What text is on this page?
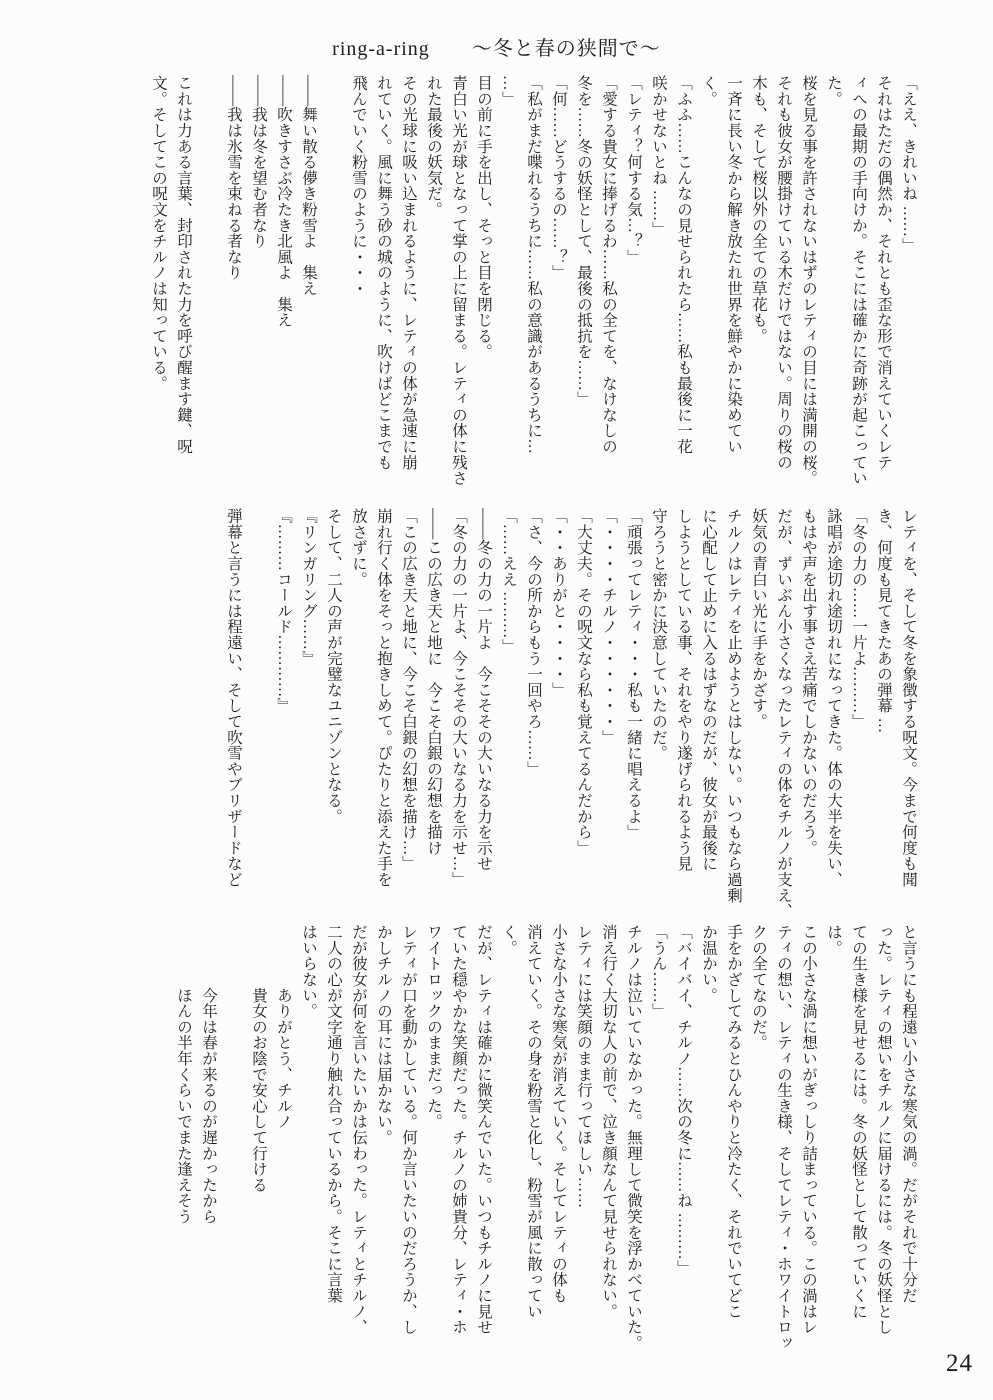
ring-a-ring　　～冬と春の狭間で～
「ええ、きれいね ……」
それはただの偶然か、それとも歪な形で消えていくレテ
ィへの最期の手向けか。そこには確かに奇跡が起こってい
た。
桜を見る事を許されないはずのレティの目には満開の桜。
それも彼女が腰掛けている木だけではない。周りの桜の
木も、そして桜以外の全ての草花も。
一斉に長い冬から解き放たれ世界を鮮やかに染めてい
く。
「ふふ……こんなの見せられたら……私も最後に一花
咲かせないとね ……」
「レティ？何する気…？」
「愛する貴女に捧げるわ……私の全てを、なけなしの
冬を……冬の妖怪として、最後の抵抗を……」
「何……どうするの……？」
「私がまだ喋れるうちに……私の意識があるうちに…
…」
目の前に手を出し、そっと目を閉じる。
青白い光が球となって掌の上に留まる。レティの体に残さ
れた最後の妖気だ。
その光球に吸い込まれるように、レティの体が急速に崩
れていく。風に舞う砂の城のように、吹けばどこまでも
飛んでいく粉雪のように・・・

――舞い散る儚き粉雪よ　集え
――吹きすさぶ冷たき北風よ　集え
――我は冬を望む者なり
――我は氷雪を束ねる者なり

これは力ある言葉、封印された力を呼び醒ます鍵、呪
文。そしてこの呪文をチルノは知っている。
レティを、そして冬を象徴する呪文。今まで何度も聞
き、何度も見てきたあの弾幕 …
「冬の力の……一片よ………」
詠唱が途切れ途切れになってきた。体の大半を失い、
もはや声を出す事さえ苦痛でしかないのだろう。
だが、ずいぶん小さくなったレティの体をチルノが支え、
妖気の青白い光に手をかざす。
チルノはレティを止めようとはしない。いつもなら過剰
に心配して止めに入るはずなのだが、彼女が最後に
しようとしている事、それをやり遂げられるよう見
守ろうと密かに決意していたのだ。
「頑張ってレティ・・・私も一緒に唱えるよ」
「・・・・チルノ・・・・・・」
「大丈夫。その呪文なら私も覚えてるんだから」
「・・ありがと・・・・」
「さ、今の所からもう一回やろ……」
「……ええ ………」
――冬の力の一片よ　今こそその大いなる力を示せ
「冬の力の一片よ、今こそその大いなる力を示せ…」
――この広き天と地に　今こそ白銀の幻想を描け
「この広き天と地に、今こそ白銀の幻想を描け…」
崩れ行く体をそっと抱きしめて。ぴたりと添えた手を
放さずに。
そして、二人の声が完璧なユニゾンとなる。
『リンガリング……』
『………コールド…………』

弾幕と言うには程遠い、そして吹雪やブリザードなど
と言うにも程遠い小さな寒気の渦。だがそれで十分だ
った。レティの想いをチルノに届けるには。冬の妖怪とし
ての生き様を見せるには。冬の妖怪として散っていくに
は。
この小さな渦に想いがぎっしり詰まっている。この渦はレ
ティの想い、レティの生き様、そしてレティ・ホワイトロッ
クの全てなのだ。
手をかざしてみるとひんやりと冷たく、それでいてどこ
か温かい。
「バイバイ、チルノ……次の冬に……ね ………」
「うん……」
チルノは泣いていなかった。無理して微笑を浮かべていた。
消え行く大切な人の前で、泣き顔なんて見せられない。
レティには笑顔のまま行ってほしい……
小さな小さな寒気が消えていく。そしてレティの体も
消えていく。その身を粉雪と化し、粉雪が風に散ってい
く。
だが、レティは確かに微笑んでいた。いつもチルノに見せ
ていた穏やかな笑顔だった。チルノの姉貴分、レティ・ホ
ワイトロックのままだった。
レティが口を動かしている。何か言いたいのだろうか、し
かしチルノの耳には届かない。
だが彼女が何を言いたいかは伝わった。レティとチルノ、
二人の心が文字通り触れ合っているから。そこに言葉
はいらない。
　　　　ありがとう、チルノ
　　　　貴女のお陰で安心して行ける

　　　　今年は春が来るのが遅かったから
　　　　ほんの半年くらいでまた逢えそう
24
